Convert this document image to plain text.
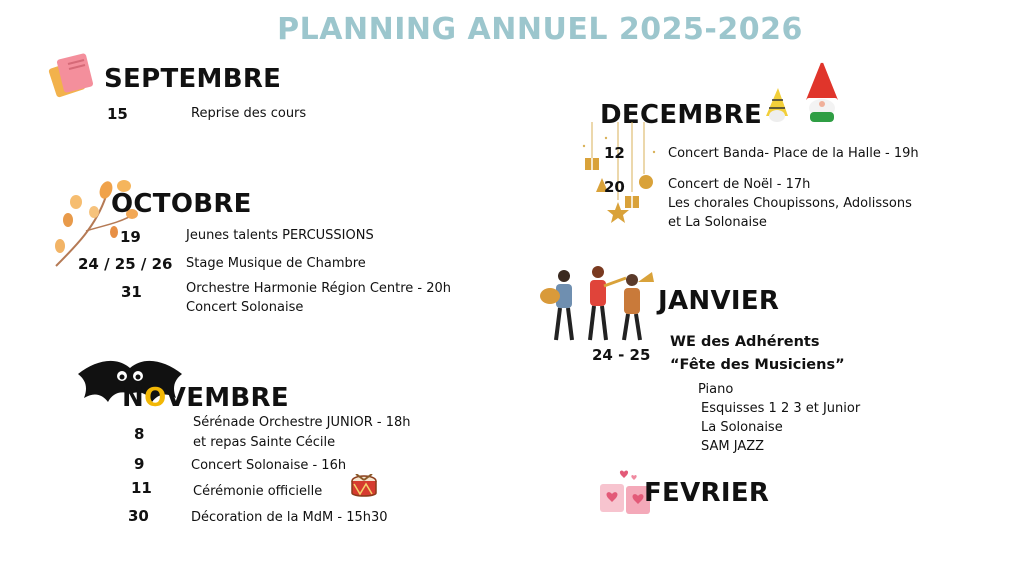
PLANNING ANNUEL 2025-2026
SEPTEMBRE
15	Reprise des cours
OCTOBRE
19	Jeunes talents PERCUSSIONS
24 / 25 / 26 Stage Musique de Chambre
31	Orchestre Harmonie Région Centre - 20h
Concert Solonaise
NOVEMBRE
8
Sérénade Orchestre JUNIOR - 18h
et repas Sainte Cécile
9	Concert Solonaise - 16h
11	Cérémonie officielle
30	Décoration de la MdM - 15h30
DECEMBRE
12	Concert Banda- Place de la Halle - 19h
20	Concert de Noël - 17h
Les chorales Choupissons, Adolissons
et La Solonaise
JANVIER
24 - 25
WE des Adhérents
“Fête des Musiciens”
Piano
Esquisses 1 2 3 et Junior
La Solonaise
SAM JAZZ
FEVRIER
